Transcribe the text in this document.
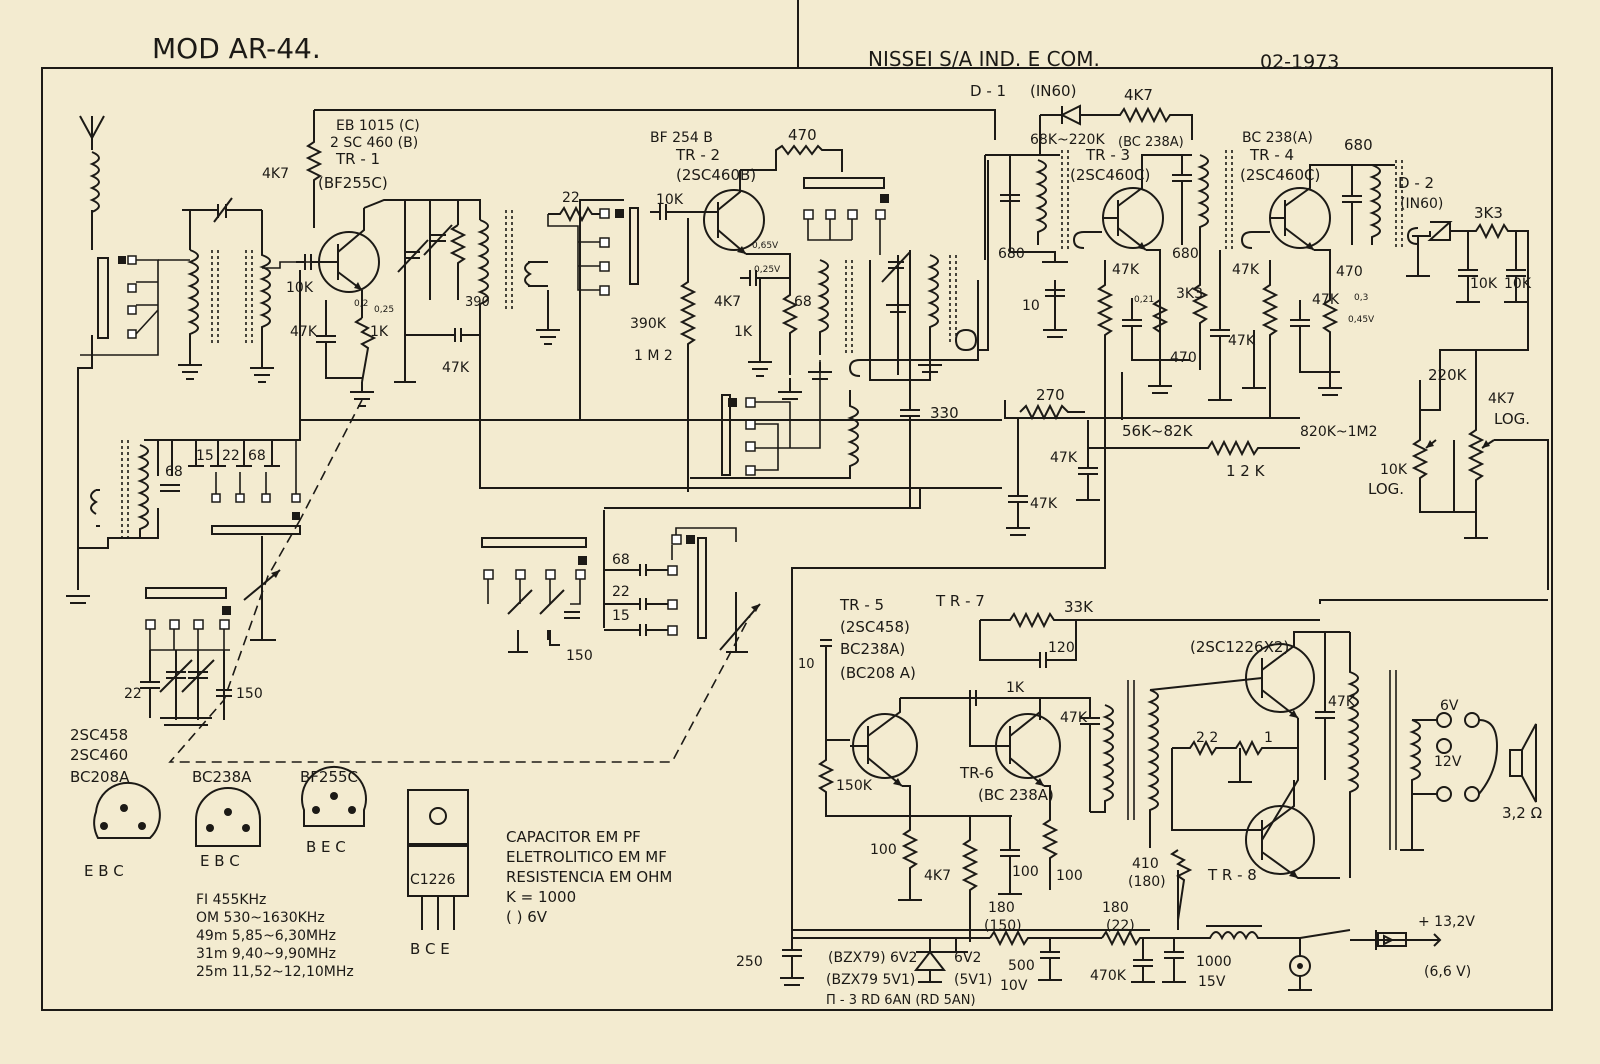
MOD AR-44.	NISSEI S/A IND. E COM.	02-1973
EB 1015 (C)
2 SC 460 (B)
TR - 1
(BF255C)
4K7
10K
390
0,2
0,25
1K
47K
47K
BF 254 B
TR - 2
(2SC460B)
22	10K
470
0,65V
0,25V
390K
1 M 2
4K7
1K
68
330
D - 1 (IN60)	4K7
68K~220K (BC 238A)
TR - 3
(2SC460C)
680
10
680
47K
0,21 3K3
470
47K
56K~82K
270
47K
47K
1 2 K
BC 238(A)
TR - 4
(2SC460C)
680
47K	470
47K 0,3
0,45V
820K~1M2
D - 2
(IN60) 3K3
10K 10K
220K
4K7
LOG.
10K
LOG.
68
15 22 68
22	150
150
68
22
15
TR - 5
(2SC458)
BC238A)
(BC208 A)
10
150K
100
T R - 7	33K
120
1K
TR-6
(BC 238A)
47K
100
4K7	100
(2SC1226X2)
T R - 8
2 2	1
47K	6V
12V
3,2 Ω
410
(180)
180
(150)
180
(22)
250	(BZX79) 6V2
(BZX79 5V1)
6V2
(5V1)
П - 3 RD 6AN (RD 5AN)
500
10V
470K
1000
15V
+ 13,2V
(6,6 V)
2SC458
2SC460
BC208A
E B C
BC238A
E B C
BF255C
B E C
C1226
B C E
CAPACITOR EM PF
ELETROLITICO EM MF
RESISTENCIA EM OHM
K = 1000
( ) 6V
FI 455KHz
OM 530~1630KHz
49m 5,85~6,30MHz
31m 9,40~9,90MHz
25m 11,52~12,10MHz
